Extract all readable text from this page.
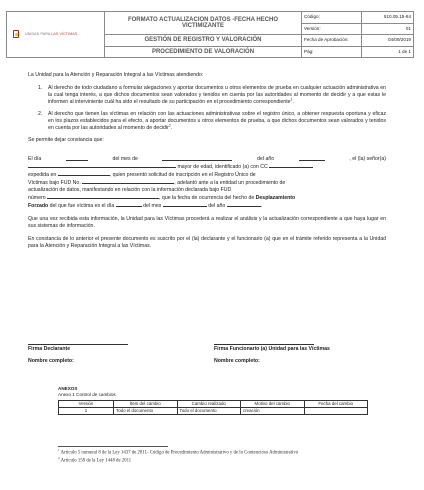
UNIDAD PARA LAS VÍCTIMAS	FORMATO ACTUALIZACION DATOS -FECHA HECHO VICTIMIZANTE	Código:	510.05.15-84
		Versión:	01
	GESTIÓN DE REGISTRO Y VALORACIÓN	Fecha de Aprobación:	04/09/2019
	PROCEDIMIENTO DE VALORACIÓN	Pág:	1 de 1

La Unidad para la Atención y Reparación Integral a las Víctimas atendiendo:

1.	Al derecho de todo ciudadano a formular alegaciones y aportar documentos u otros elementos de prueba en cualquier actuación administrativa en la cual tenga interés, a que dichos documentos sean valorados y tenidos en cuenta por las autoridades al momento de decidir y a que estas le informen al interviniente cuál ha sido el resultado de su participación en el procedimiento correspondiente$^1$.
2.	Al derecho que tienen las víctimas en relación con las actuaciones administrativas sobre el registro único, a obtener respuesta oportuna y eficaz en los plazos establecidos para el efecto, a aportar documentos u otros elementos de prueba, a que dichos documentos sean valorados y tenidos en cuenta por las autoridades al momento de decidir$^2$.

Se permite dejar constancia que:

El día	del mes de	del año	, el (la) señor(a)

mayor de edad, identificado (a) con CC

expedida en	, quien presentó solicitud de inscripción en el Registro Único de

Víctimas bajo FUD No.	, adelantó ante a la entidad un procedimiento de

actualización de datos, manifestando en relación con la información declarada bajo FUD

número	, que la fecha de ocurrencia del hecho de Desplazamiento

Forzado del que fue víctima es el día	del mes	del año	.

Que una vez recibida esta información, la Unidad para las Víctimas procederá a realizar el análisis y la actualización correspondiente a que haya lugar en sus sistemas de información.

En constancia de lo anterior el presente documento es suscrito por el (la) declarante y el funcionario (a) que en el trámite referido representa a la Unidad para la Atención y Reparación Integral a las Víctimas.

Firma Declarante
Nombre completo:
Firma Funcionario (a) Unidad para las Víctimas
Nombre completo:
ANEXOS
Anexo 1 Control de cambios
Versión	Ítem del cambio	Cambio realizado	Motivo del cambio	Fecha del cambio
1	Todo el documento	Todo el documento	creación	
$^1$ Artículo 5 numeral 8 de la Ley 1437 de 2011- Código de Procedimiento Administrativo y de lo Contencioso Administrativo
$^2$ Artículo 158 de la Ley 1448 de 2011
